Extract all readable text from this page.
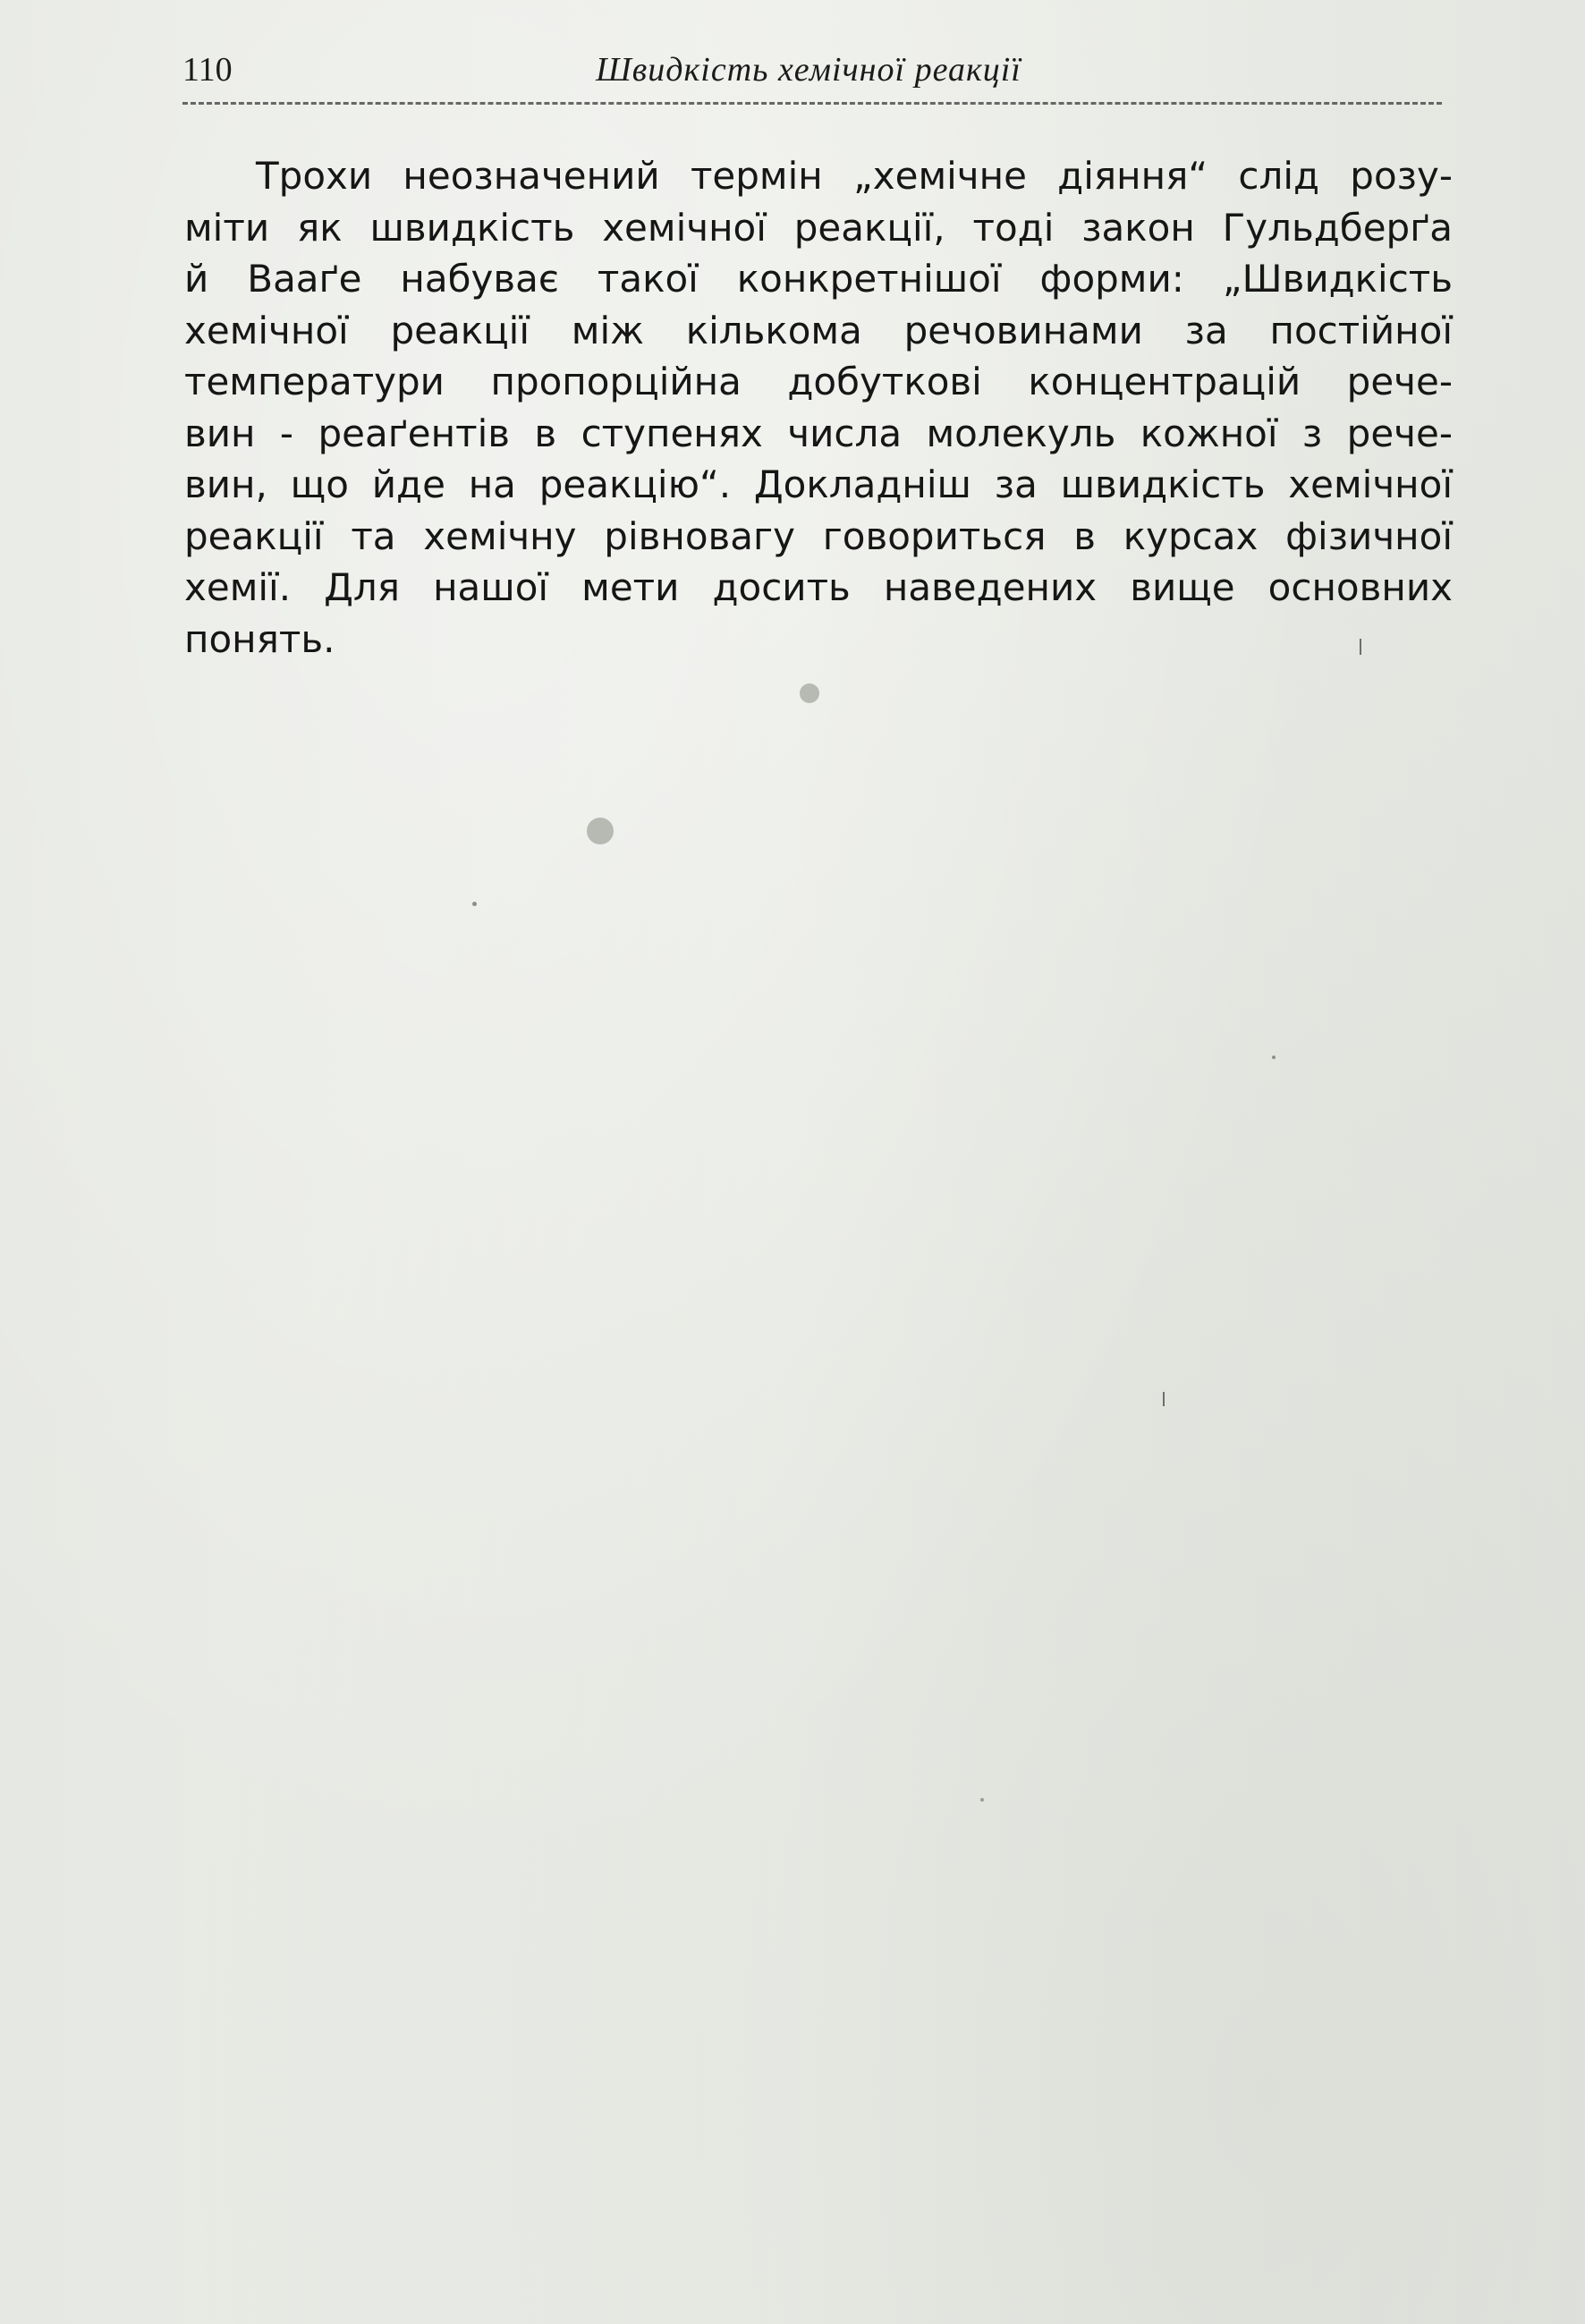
110	Швидкість хемічної реакції
Трохи неозначений термін „хемічне діяння“ слід розу-
міти як швидкість хемічної реакції, тоді закон Гульдберґа
й Вааґе набуває такої конкретнішої форми: „Швидкість
хемічної реакції між кількома речовинами за постійної
температури пропорційна добуткові концентрацій рече-
вин - реаґентів в ступенях числа молекуль кожної з рече-
вин, що йде на реакцію“. Докладніш за швидкість хемічної
реакції та хемічну рівновагу говориться в курсах фізичної
хемії. Для нашої мети досить наведених вище основних
понять.
